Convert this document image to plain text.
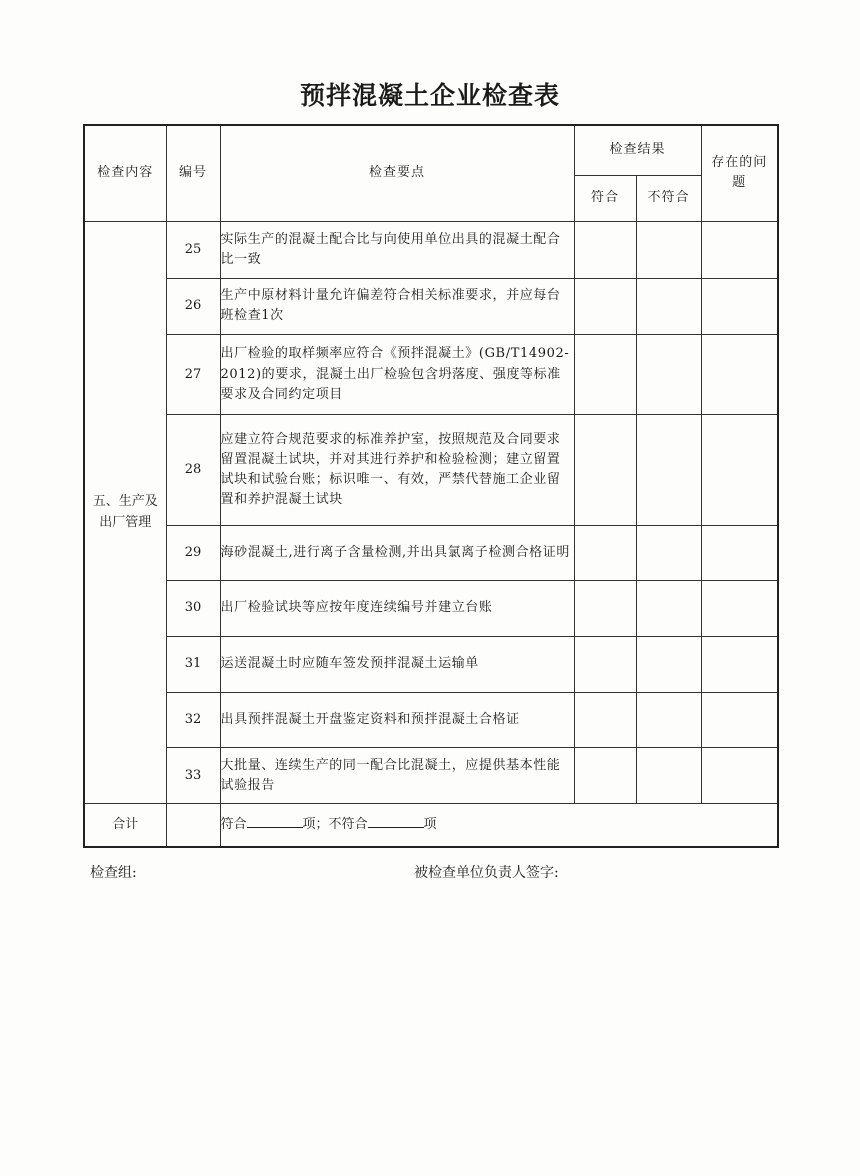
预拌混凝土企业检查表
检查内容	编号	检查要点	检查结果		存在的问题
			符合	不符合	
五、生产及出厂管理	25	实际生产的混凝土配合比与向使用单位出具的混凝土配合比一致			
	26	生产中原材料计量允许偏差符合相关标准要求，并应每台班检查1次			
	27	出厂检验的取样频率应符合《预拌混凝土》(GB/T14902-2012)的要求，混凝土出厂检验包含坍落度、强度等标准要求及合同约定项目			
	28	应建立符合规范要求的标准养护室，按照规范及合同要求留置混凝土试块，并对其进行养护和检验检测；建立留置试块和试验台账；标识唯一、有效，严禁代替施工企业留置和养护混凝土试块			
	29	海砂混凝土,进行离子含量检测,并出具氯离子检测合格证明			
	30	出厂检验试块等应按年度连续编号并建立台账			
	31	运送混凝土时应随车签发预拌混凝土运输单			
	32	出具预拌混凝土开盘鉴定资料和预拌混凝土合格证			
	33	大批量、连续生产的同一配合比混凝土，应提供基本性能试验报告			
合计		符合 项；不符合 项			
检查组:	被检查单位负责人签字:
